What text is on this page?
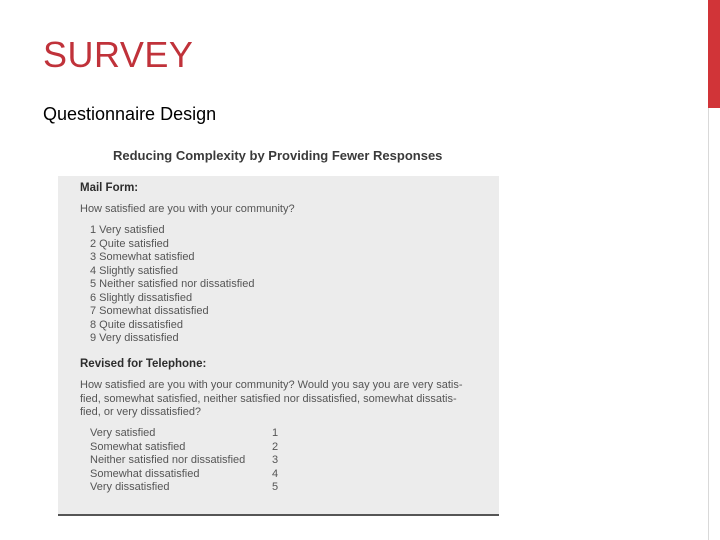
SURVEY
Questionnaire Design
Reducing Complexity by Providing Fewer Responses
Mail Form:
How satisfied are you with your community?
1 Very satisfied
2 Quite satisfied
3 Somewhat satisfied
4 Slightly satisfied
5 Neither satisfied nor dissatisfied
6 Slightly dissatisfied
7 Somewhat dissatisfied
8 Quite dissatisfied
9 Very dissatisfied
Revised for Telephone:
How satisfied are you with your community? Would you say you are very satis-fied, somewhat satisfied, neither satisfied nor dissatisfied, somewhat dissatis-fied, or very dissatisfied?
Very satisfied	1
Somewhat satisfied	2
Neither satisfied nor dissatisfied 3
Somewhat dissatisfied	4
Very dissatisfied	5
